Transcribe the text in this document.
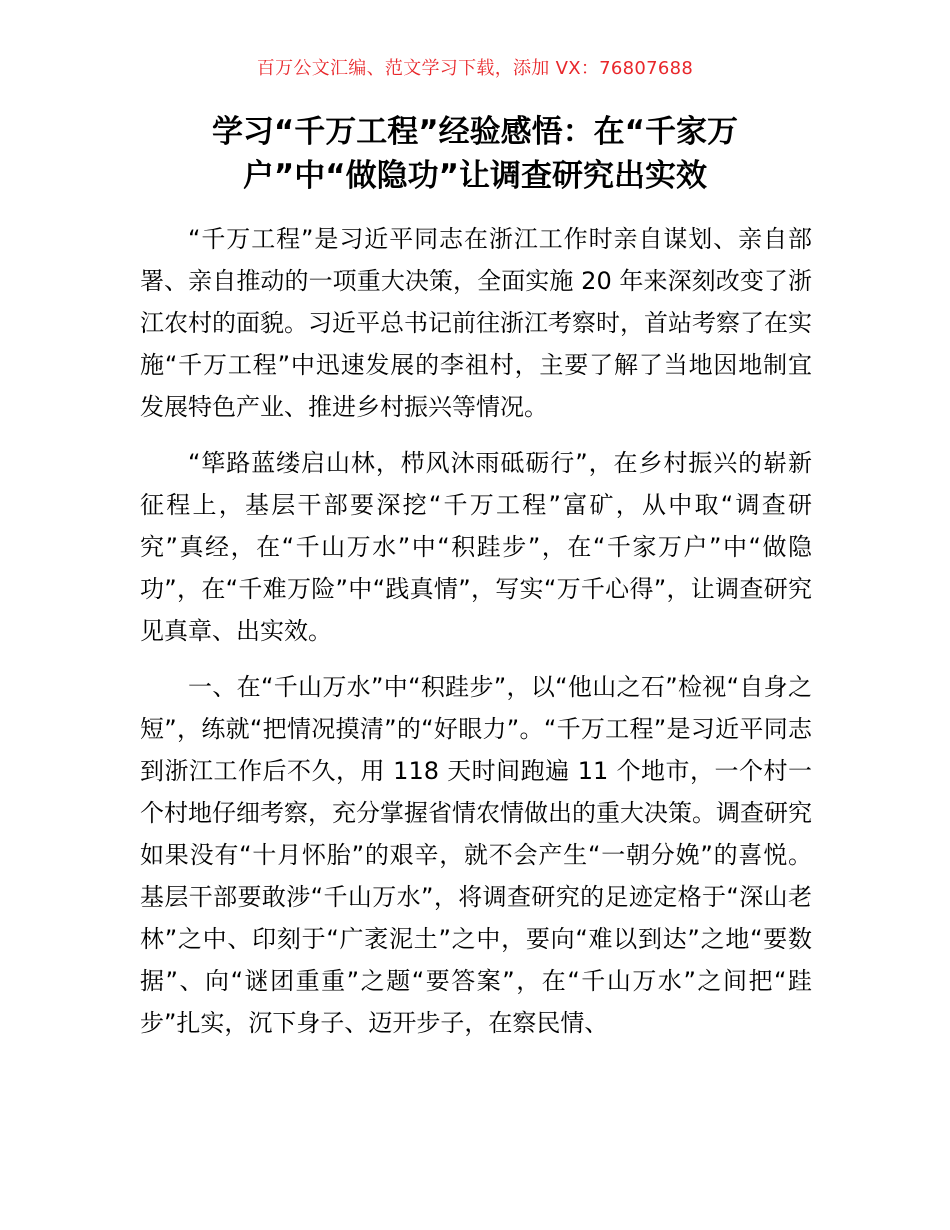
百万公文汇编、范文学习下载，添加 VX：76807688
学习“千万工程”经验感悟：在“千家万
户”中“做隐功”让调查研究出实效

“千万工程”是习近平同志在浙江工作时亲自谋划、亲自部署、亲自推动的一项重大决策，全面实施 20 年来深刻改变了浙江农村的面貌。习近平总书记前往浙江考察时，首站考察了在实施“千万工程”中迅速发展的李祖村，主要了解了当地因地制宜发展特色产业、推进乡村振兴等情况。

“筚路蓝缕启山林，栉风沐雨砥砺行”，在乡村振兴的崭新征程上，基层干部要深挖“千万工程”富矿，从中取“调查研究”真经，在“千山万水”中“积跬步”，在“千家万户”中“做隐功”，在“千难万险”中“践真情”，写实“万千心得”，让调查研究见真章、出实效。

一、在“千山万水”中“积跬步”，以“他山之石”检视“自身之短”，练就“把情况摸清”的“好眼力”。“千万工程”是习近平同志到浙江工作后不久，用 118 天时间跑遍 11 个地市，一个村一个村地仔细考察，充分掌握省情农情做出的重大决策。调查研究如果没有“十月怀胎”的艰辛，就不会产生“一朝分娩”的喜悦。基层干部要敢涉“千山万水”，将调查研究的足迹定格于“深山老林”之中、印刻于“广袤泥土”之中，要向“难以到达”之地“要数据”、向“谜团重重”之题“要答案”，在“千山万水”之间把“跬步”扎实，沉下身子、迈开步子，在察民情、
